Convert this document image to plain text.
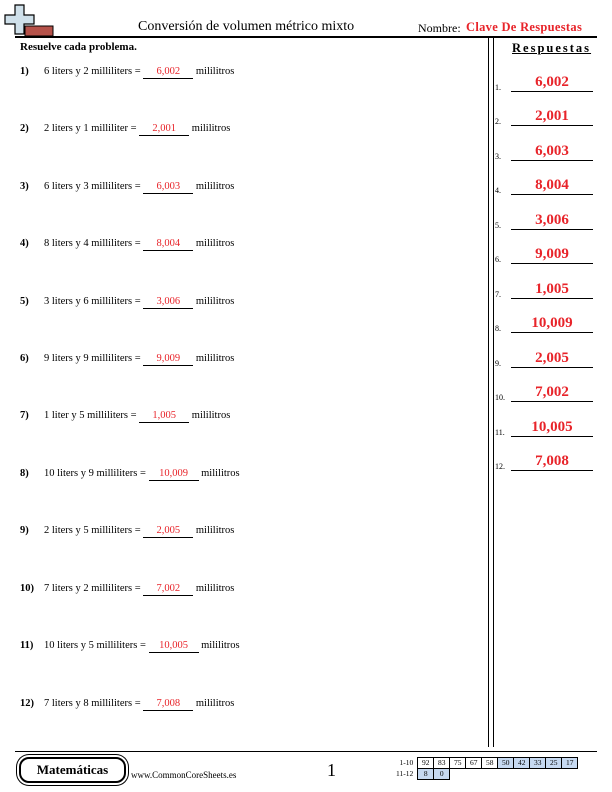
Conversión de volumen métrico mixto	Nombre: Clave De Respuestas
Resuelve cada problema.
1) 6 liters y 2 milliliters = 6,002 mililitros
2) 2 liters y 1 milliliter = 2,001 mililitros
3) 6 liters y 3 milliliters = 6,003 mililitros
4) 8 liters y 4 milliliters = 8,004 mililitros
5) 3 liters y 6 milliliters = 3,006 mililitros
6) 9 liters y 9 milliliters = 9,009 mililitros
7) 1 liter y 5 milliliters = 1,005 mililitros
8) 10 liters y 9 milliliters = 10,009 mililitros
9) 2 liters y 5 milliliters = 2,005 mililitros
10) 7 liters y 2 milliliters = 7,002 mililitros
11) 10 liters y 5 milliliters = 10,005 mililitros
12) 7 liters y 8 milliliters = 7,008 mililitros
Respuestas
1.	6,002
2.	2,001
3.	6,003
4.	8,004
5.	3,006
6.	9,009
7.	1,005
8.	10,009
9.	2,005
10.	7,002
11.	10,005
12.	7,008
Matemáticas	www.CommonCoreSheets.es	1	1-10	92	83	75	67	58	50	42	33	25	17
11-12	8	0								
